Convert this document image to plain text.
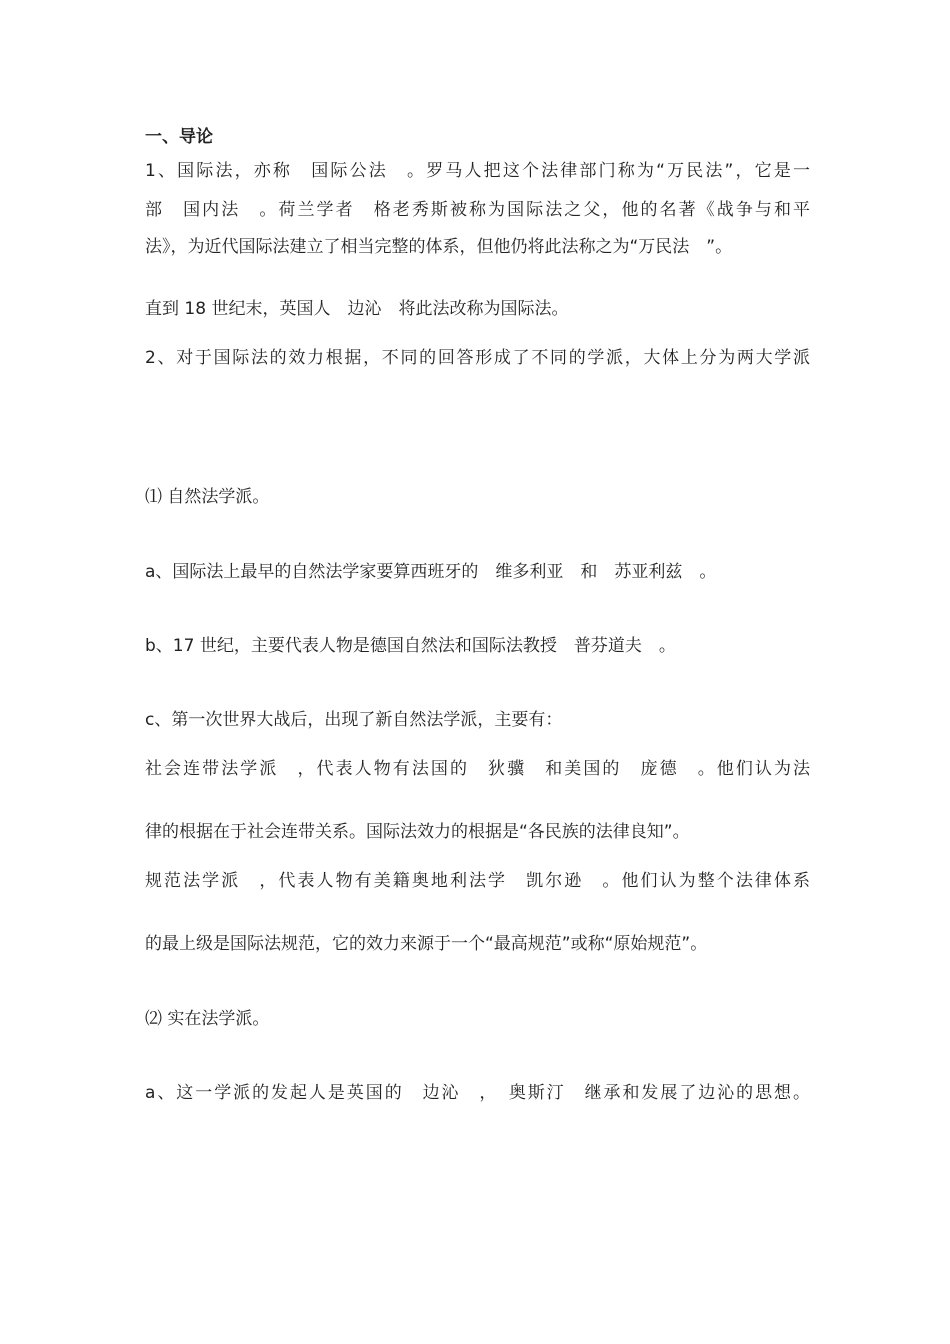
一、导论
1、国际法，亦称　国际公法　。罗马人把这个法律部门称为“万民法”，它是一
部　国内法　。荷兰学者　格老秀斯被称为国际法之父，他的名著《战争与和平
法》，为近代国际法建立了相当完整的体系，但他仍将此法称之为“万民法　”。
直到 18 世纪末，英国人　边沁　将此法改称为国际法。
2、对于国际法的效力根据，不同的回答形成了不同的学派，大体上分为两大学派
⑴ 自然法学派。
a、国际法上最早的自然法学家要算西班牙的　维多利亚　和　苏亚利兹　。
b、17 世纪，主要代表人物是德国自然法和国际法教授　普芬道夫　。
c、第一次世界大战后，出现了新自然法学派，主要有：
社会连带法学派　，代表人物有法国的　狄骥　和美国的　庞德　。他们认为法
律的根据在于社会连带关系。国际法效力的根据是“各民族的法律良知”。
规范法学派　，代表人物有美籍奥地利法学　凯尔逊　。他们认为整个法律体系
的最上级是国际法规范，它的效力来源于一个“最高规范”或称“原始规范”。
⑵ 实在法学派。
a、这一学派的发起人是英国的　边沁　，　奥斯汀　继承和发展了边沁的思想。
